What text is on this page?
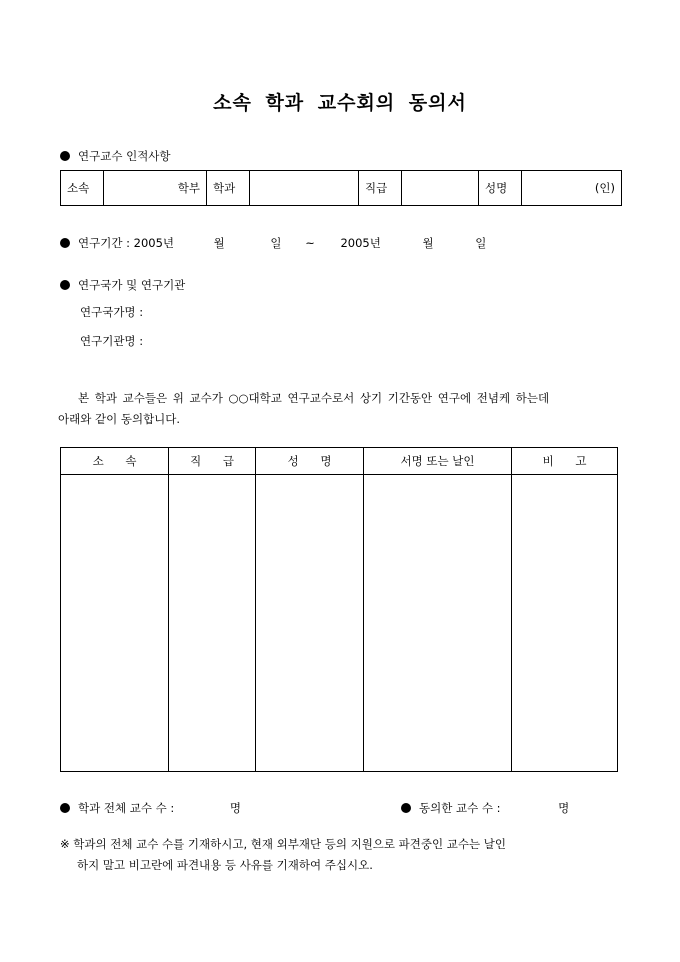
소속 학과 교수회의 동의서
연구교수 인적사항
소속	학부	학과		직급		성명	(인)
연구기간 : 2005년	월	일 ~ 2005년	월	일
연구국가 및 연구기관
연구국가명 :
연구기관명 :
본 학과 교수들은 위 교수가 ○○대학교 연구교수로서 상기 기간동안 연구에 전념케 하는데
아래와 같이 동의합니다.
소 속	직 급	성 명	서명 또는 날인	비 고

학과 전체 교수 수 :	명	동의한 교수 수 :	명
※ 학과의 전체 교수 수를 기재하시고, 현재 외부재단 등의 지원으로 파견중인 교수는 날인
하지 말고 비고란에 파견내용 등 사유를 기재하여 주십시오.
